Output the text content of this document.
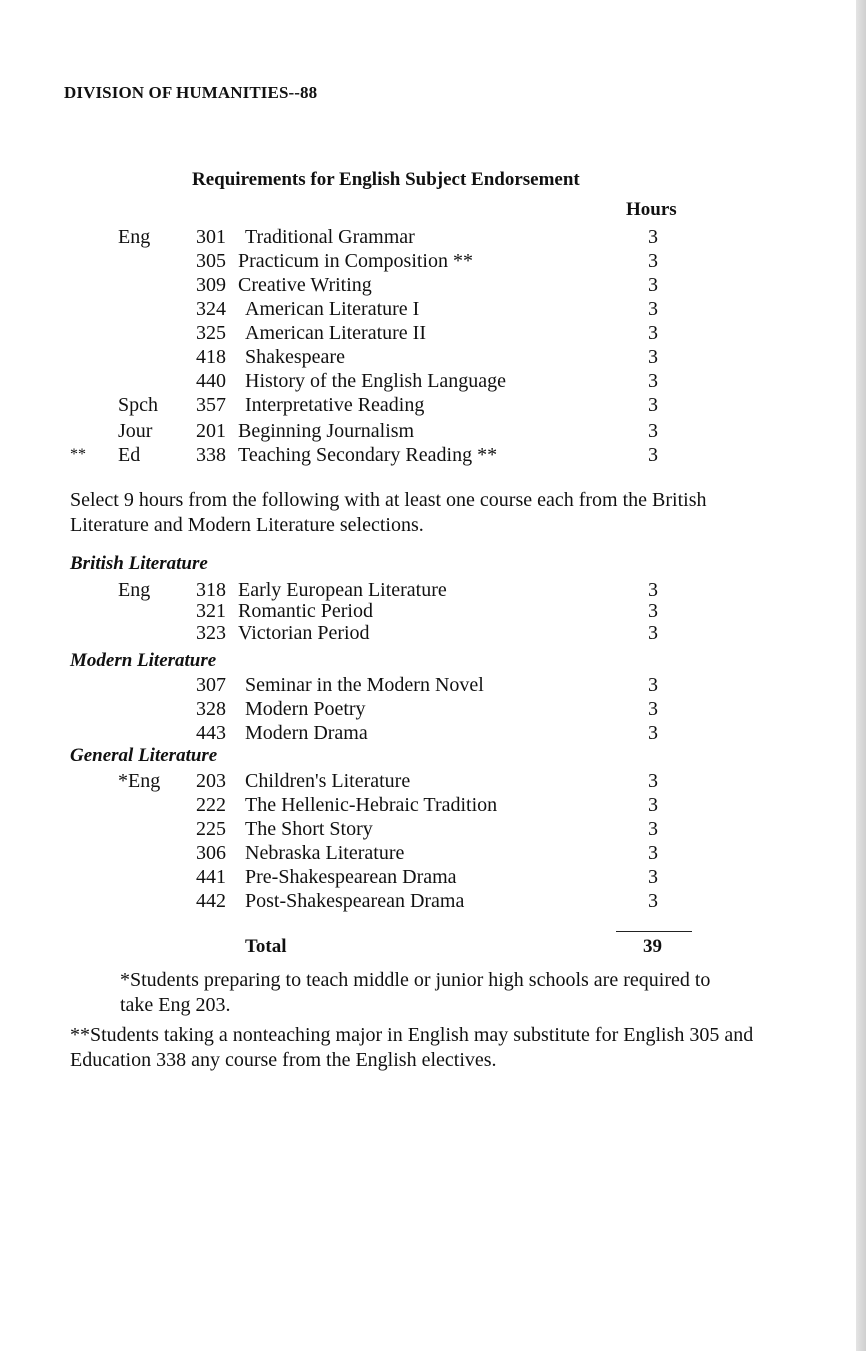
DIVISION OF HUMANITIES--88
Requirements for English Subject Endorsement
Hours
Eng 301 Traditional Grammar	3
305 Practicum in Composition **	3
309 Creative Writing	3
324 American Literature I	3
325 American Literature II	3
418 Shakespeare	3
440 History of the English Language	3
Spch 357 Interpretative Reading	3
Jour 201 Beginning Journalism	3
** Ed	338 Teaching Secondary Reading **	3
Select 9 hours from the following with at least one course each from the British Literature and Modern Literature selections.
British Literature
Eng 318 Early European Literature	3
321 Romantic Period	3
323 Victorian Period	3
Modern Literature
307 Seminar in the Modern Novel	3
328 Modern Poetry	3
443 Modern Drama	3
General Literature
*Eng 203 Children's Literature	3
222 The Hellenic-Hebraic Tradition	3
225 The Short Story	3
306 Nebraska Literature	3
441 Pre-Shakespearean Drama	3
442 Post-Shakespearean Drama	3
Total	39
*Students preparing to teach middle or junior high schools are required to take Eng 203.
**Students taking a nonteaching major in English may substitute for English 305 and Education 338 any course from the English electives.
